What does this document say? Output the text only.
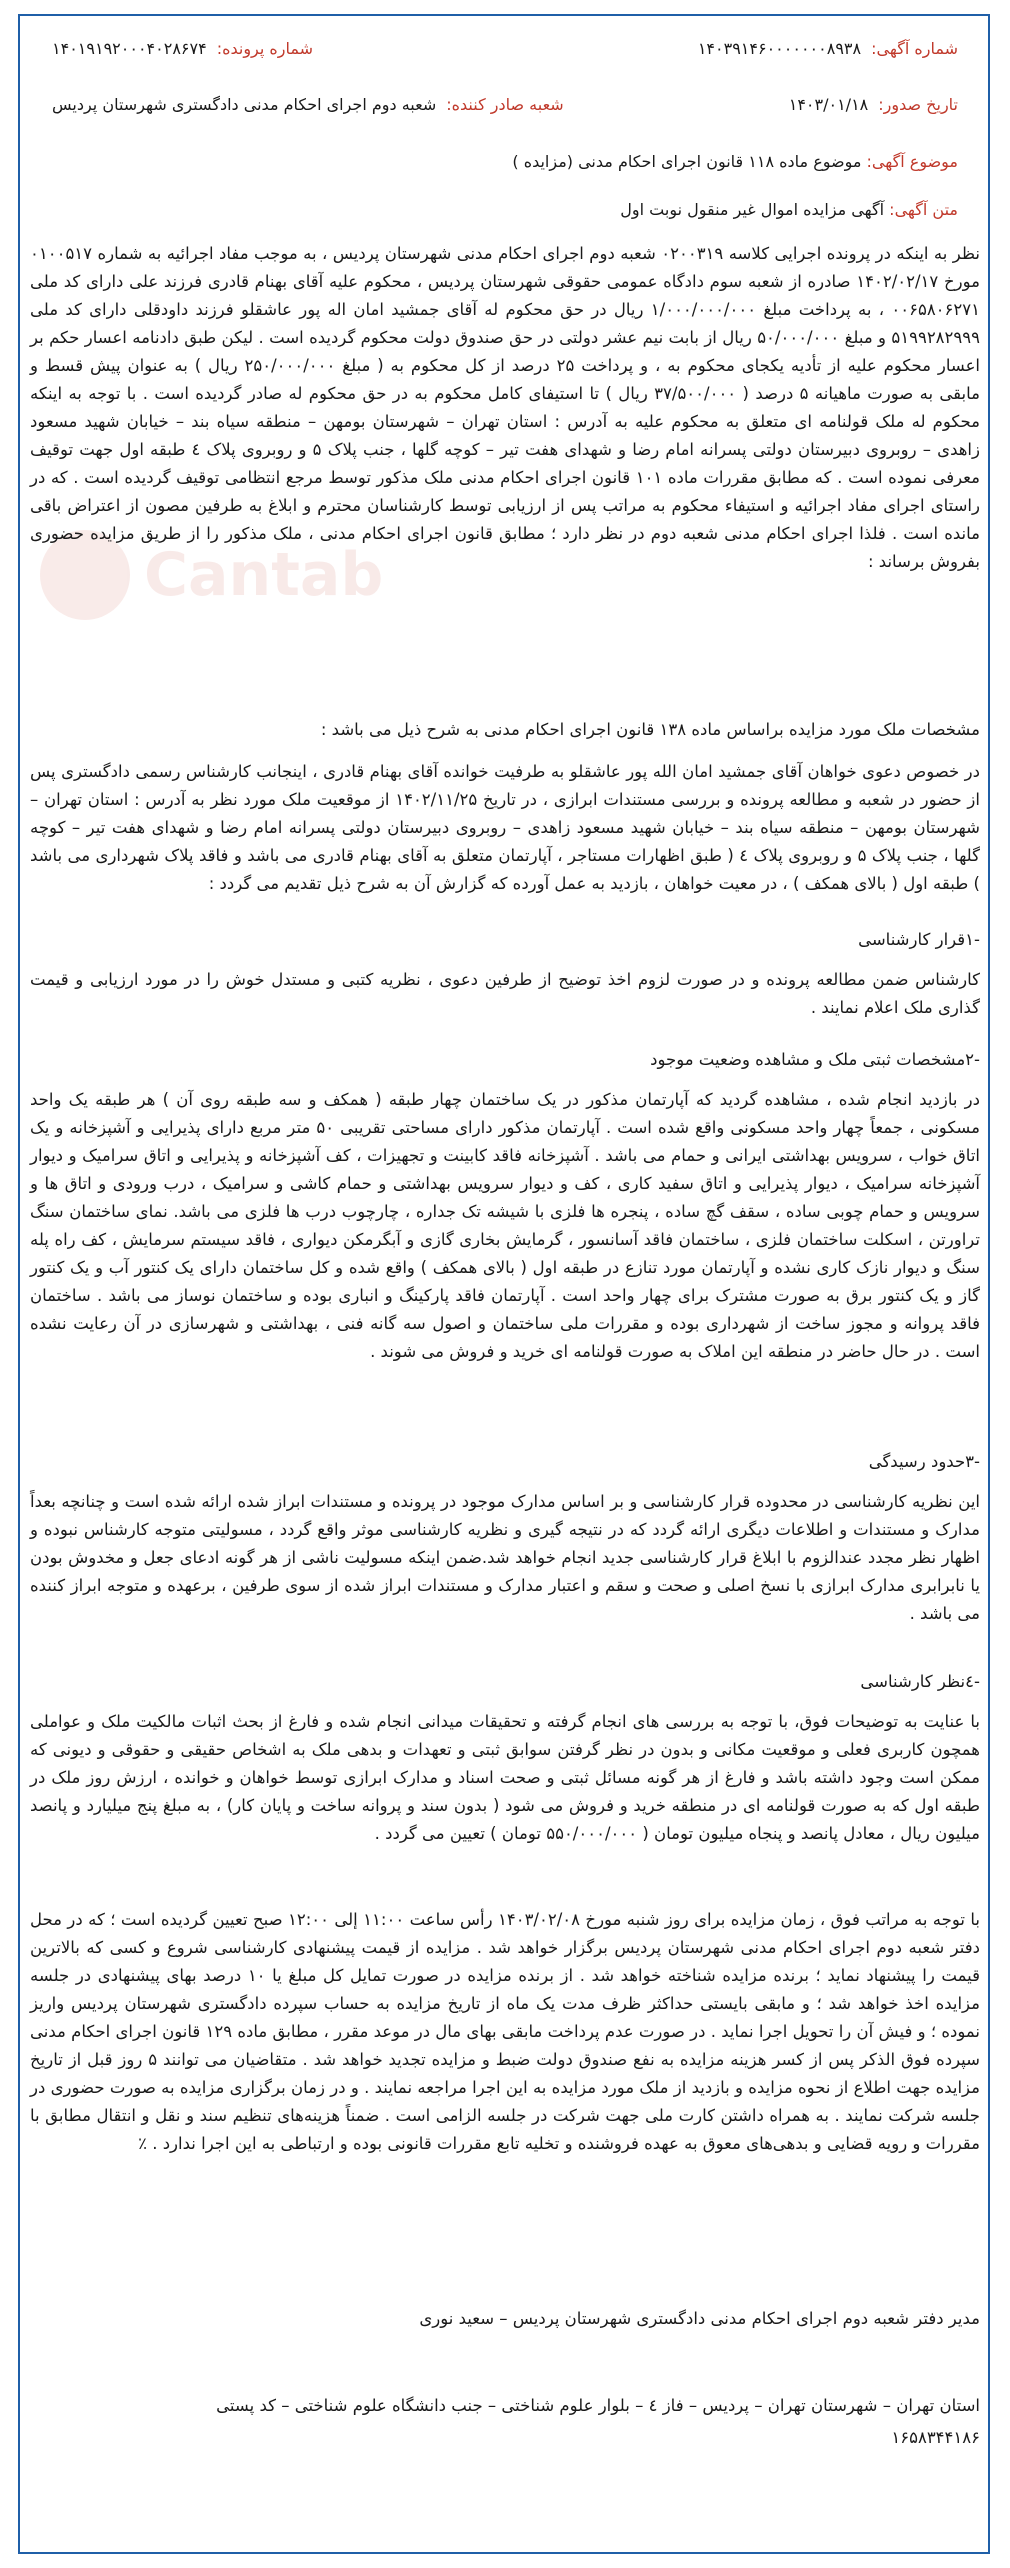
Cantab
شماره آگهی:
۱۴۰۳۹۱۴۶۰۰۰۰۰۰۰۸۹۳۸
شماره پرونده:
۱۴۰۱۹۱۹۲۰۰۰۴۰۲۸۶۷۴
تاریخ صدور:
۱۴۰۳/۰۱/۱۸
شعبه صادر کننده:
شعبه دوم اجرای احکام مدنی دادگستری شهرستان پردیس
موضوع آگهی: موضوع ماده ۱۱۸ قانون اجرای احکام مدنی (مزایده )
متن آگهی: آگهی مزایده اموال غیر منقول نوبت اول

نظر به اینکه در پرونده اجرایی کلاسه ۰۲۰۰۳۱۹ شعبه دوم اجرای احکام مدنی شهرستان پردیس ، به موجب مفاد اجرائیه به شماره ۰۱۰۰۵۱۷ مورخ ۱۴۰۲/۰۲/۱۷ صادره از شعبه سوم دادگاه عمومی حقوقی شهرستان پردیس ، محکوم علیه آقای بهنام قادری فرزند علی دارای کد ملی ۰۰۶۵۸۰۶۲۷۱ ، به پرداخت مبلغ ۱/۰۰۰/۰۰۰/۰۰۰ ریال در حق محکوم له آقای جمشید امان اله پور عاشقلو فرزند داودقلی دارای کد ملی ۵۱۹۹۲۸۲۹۹۹ و مبلغ ۵۰/۰۰۰/۰۰۰ ریال از بابت نیم عشر دولتی در حق صندوق دولت محکوم گردیده است . لیکن طبق دادنامه اعسار حکم بر اعسار محکوم علیه از تأدیه یکجای محکوم به ، و پرداخت ۲۵ درصد از کل محکوم به ( مبلغ ۲۵۰/۰۰۰/۰۰۰ ریال ) به عنوان پیش قسط و مابقی به صورت ماهیانه ۵ درصد ( ۳۷/۵۰۰/۰۰۰ ریال ) تا استیفای کامل محکوم به در حق محکوم له صادر گردیده است . با توجه به اینکه محکوم له ملک قولنامه ای متعلق به محکوم علیه به آدرس : استان تهران – شهرستان بومهن – منطقه سیاه بند – خیابان شهید مسعود زاهدی – روبروی دبیرستان دولتی پسرانه امام رضا و شهدای هفت تیر – کوچه گلها ، جنب پلاک ۵ و روبروی پلاک ٤ طبقه اول جهت توقیف معرفی نموده است . که مطابق مقررات ماده ۱۰۱ قانون اجرای احکام مدنی ملک مذکور توسط مرجع انتظامی توقیف گردیده است . که در راستای اجرای مفاد اجرائیه و استیفاء محکوم به مراتب پس از ارزیابی توسط کارشناسان محترم و ابلاغ به طرفین مصون از اعتراض باقی مانده است . فلذا اجرای احکام مدنی شعبه دوم در نظر دارد ؛ مطابق قانون اجرای احکام مدنی ، ملک مذکور را از طریق مزایده حضوری بفروش برساند :

مشخصات ملک مورد مزایده براساس ماده ۱۳۸ قانون اجرای احکام مدنی به شرح ذیل می باشد :

در خصوص دعوی خواهان آقای جمشید امان الله پور عاشقلو به طرفیت خوانده آقای بهنام قادری ، اینجانب کارشناس رسمی دادگستری پس از حضور در شعبه و مطالعه پرونده و بررسی مستندات ابرازی ، در تاریخ ۱۴۰۲/۱۱/۲۵ از موقعیت ملک مورد نظر به آدرس : استان تهران – شهرستان بومهن – منطقه سیاه بند – خیابان شهید مسعود زاهدی – روبروی دبیرستان دولتی پسرانه امام رضا و شهدای هفت تیر – کوچه گلها ، جنب پلاک ۵ و روبروی پلاک ٤ ( طبق اظهارات مستاجر ، آپارتمان متعلق به آقای بهنام قادری می باشد و فاقد پلاک شهرداری می باشد ) طبقه اول ( بالای همکف ) ، در معیت خواهان ، بازدید به عمل آورده که گزارش آن به شرح ذیل تقدیم می گردد :

-۱قرار کارشناسی

کارشناس ضمن مطالعه پرونده و در صورت لزوم اخذ توضیح از طرفین دعوی ، نظریه کتبی و مستدل خوش را در مورد ارزیابی و قیمت گذاری ملک اعلام نمایند .

-۲مشخصات ثبتی ملک و مشاهده وضعیت موجود

در بازدید انجام شده ، مشاهده گردید که آپارتمان مذکور در یک ساختمان چهار طبقه ( همکف و سه طبقه روی آن ) هر طبقه یک واحد مسکونی ، جمعاً چهار واحد مسکونی واقع شده است . آپارتمان مذکور دارای مساحتی تقریبی ۵۰ متر مربع دارای پذیرایی و آشپزخانه و یک اتاق خواب ، سرویس بهداشتی ایرانی و حمام می باشد . آشپزخانه فاقد کابینت و تجهیزات ، کف آشپزخانه و پذیرایی و اتاق سرامیک و دیوار آشپزخانه سرامیک ، دیوار پذیرایی و اتاق سفید کاری ، کف و دیوار سرویس بهداشتی و حمام کاشی و سرامیک ، درب ورودی و اتاق ها و سرویس و حمام چوبی ساده ، سقف گچ ساده ، پنجره ها فلزی با شیشه تک جداره ، چارچوب درب ها فلزی می باشد. نمای ساختمان سنگ تراورتن ، اسکلت ساختمان فلزی ، ساختمان فاقد آسانسور ، گرمایش بخاری گازی و آبگرمکن دیواری ، فاقد سیستم سرمایش ، کف راه پله سنگ و دیوار نازک کاری نشده و آپارتمان مورد تنازع در طبقه اول ( بالای همکف ) واقع شده و کل ساختمان دارای یک کنتور آب و یک کنتور گاز و یک کنتور برق به صورت مشترک برای چهار واحد است . آپارتمان فاقد پارکینگ و انباری بوده و ساختمان نوساز می باشد . ساختمان فاقد پروانه و مجوز ساخت از شهرداری بوده و مقررات ملی ساختمان و اصول سه گانه فنی ، بهداشتی و شهرسازی در آن رعایت نشده است . در حال حاضر در منطقه این املاک به صورت قولنامه ای خرید و فروش می شوند .

-۳حدود رسیدگی

این نظریه کارشناسی در محدوده قرار کارشناسی و بر اساس مدارک موجود در پرونده و مستندات ابراز شده ارائه شده است و چنانچه بعداً مدارک و مستندات و اطلاعات دیگری ارائه گردد که در نتیجه گیری و نظریه کارشناسی موثر واقع گردد ، مسولیتی متوجه کارشناس نبوده و اظهار نظر مجدد عندالزوم با ابلاغ قرار کارشناسی جدید انجام خواهد شد.ضمن اینکه مسولیت ناشی از هر گونه ادعای جعل و مخدوش بودن یا نابرابری مدارک ابرازی با نسخ اصلی و صحت و سقم و اعتبار مدارک و مستندات ابراز شده از سوی طرفین ، برعهده و متوجه ابراز کننده می باشد .

-٤نظر کارشناسی

با عنایت به توضیحات فوق، با توجه به بررسی های انجام گرفته و تحقیقات میدانی انجام شده و فارغ از بحث اثبات مالکیت ملک و عواملی همچون کاربری فعلی و موقعیت مکانی و بدون در نظر گرفتن سوابق ثبتی و تعهدات و بدهی ملک به اشخاص حقیقی و حقوقی و دیونی که ممکن است وجود داشته باشد و فارغ از هر گونه مسائل ثبتی و صحت اسناد و مدارک ابرازی توسط خواهان و خوانده ، ارزش روز ملک در طبقه اول که به صورت قولنامه ای در منطقه خرید و فروش می شود ( بدون سند و پروانه ساخت و پایان کار) ، به مبلغ پنج میلیارد و پانصد میلیون ریال ، معادل پانصد و پنجاه میلیون تومان ( ۵۵۰/۰۰۰/۰۰۰ تومان ) تعیین می گردد .

با توجه به مراتب فوق ، زمان مزایده برای روز شنبه مورخ ۱۴۰۳/۰۲/۰۸ رأس ساعت ۱۱:۰۰ إلی ۱۲:۰۰ صبح تعیین گردیده است ؛ که در محل دفتر شعبه دوم اجرای احکام مدنی شهرستان پردیس برگزار خواهد شد . مزایده از قیمت پیشنهادی کارشناسی شروع و کسی که بالاترین قیمت را پیشنهاد نماید ؛ برنده مزایده شناخته خواهد شد . از برنده مزایده در صورت تمایل کل مبلغ یا ۱۰ درصد بهای پیشنهادی در جلسه مزایده اخذ خواهد شد ؛ و مابقی بایستی حداکثر ظرف مدت یک ماه از تاریخ مزایده به حساب سپرده دادگستری شهرستان پردیس واریز نموده ؛ و فیش آن را تحویل اجرا نماید . در صورت عدم پرداخت مابقی بهای مال در موعد مقرر ، مطابق ماده ۱۲۹ قانون اجرای احکام مدنی سپرده فوق الذکر پس از کسر هزینه مزایده به نفع صندوق دولت ضبط و مزایده تجدید خواهد شد . متقاضیان می توانند ۵ روز قبل از تاریخ مزایده جهت اطلاع از نحوه مزایده و بازدید از ملک مورد مزایده به این اجرا مراجعه نمایند . و در زمان برگزاری مزایده به صورت حضوری در جلسه شرکت نمایند . به همراه داشتن کارت ملی جهت شرکت در جلسه الزامی است . ضمناً هزینه‌های تنظیم سند و نقل و انتقال مطابق با مقررات و رویه قضایی و بدهی‌های معوق به عهده فروشنده و تخلیه تابع مقررات قانونی بوده و ارتباطی به این اجرا ندارد . ٪

مدیر دفتر شعبه دوم اجرای احکام مدنی دادگستری شهرستان پردیس – سعید نوری

استان تهران – شهرستان تهران – پردیس – فاز ٤ – بلوار علوم شناختی – جنب دانشگاه علوم شناختی – کد پستی

۱۶۵۸۳۴۴۱۸۶
